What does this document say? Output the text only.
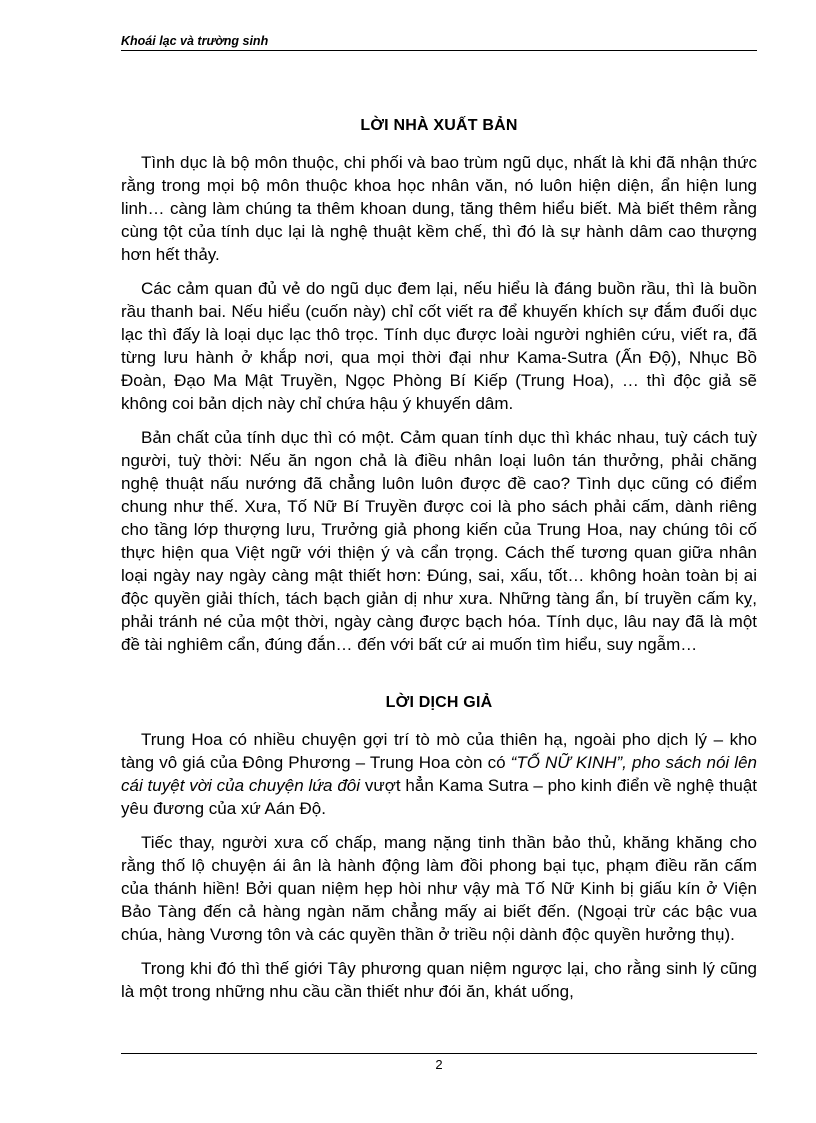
Khoái lạc và trường sinh
LỜI NHÀ XUẤT BẢN

Tình dục là bộ môn thuộc, chi phối và bao trùm ngũ dục, nhất là khi đã nhận thức rằng trong mọi bộ môn thuộc khoa học nhân văn, nó luôn hiện diện, ẩn hiện lung linh… càng làm chúng ta thêm khoan dung, tăng thêm hiểu biết. Mà biết thêm rằng cùng tột của tính dục lại là nghệ thuật kềm chế, thì đó là sự hành dâm cao thượng hơn hết thảy.

Các cảm quan đủ vẻ do ngũ dục đem lại, nếu hiểu là đáng buồn rầu, thì là buồn rầu thanh bai. Nếu hiểu (cuốn này) chỉ cốt viết ra để khuyến khích sự đắm đuối dục lạc thì đấy là loại dục lạc thô trọc. Tính dục được loài người nghiên cứu, viết ra, đã từng lưu hành ở khắp nơi, qua mọi thời đại như Kama-Sutra (Ấn Độ), Nhục Bồ Đoàn, Đạo Ma Mật Truyền, Ngọc Phòng Bí Kiếp (Trung Hoa), … thì độc giả sẽ không coi bản dịch này chỉ chứa hậu ý khuyến dâm.

Bản chất của tính dục thì có một. Cảm quan tính dục thì khác nhau, tuỳ cách tuỳ người, tuỳ thời: Nếu ăn ngon chả là điều nhân loại luôn tán thưởng, phải chăng nghệ thuật nấu nướng đã chẳng luôn luôn được đề cao? Tình dục cũng có điểm chung như thế. Xưa, Tố Nữ Bí Truyền được coi là pho sách phải cấm, dành riêng cho tầng lớp thượng lưu, Trưởng giả phong kiến của Trung Hoa, nay chúng tôi cố thực hiện qua Việt ngữ với thiện ý và cẩn trọng. Cách thế tương quan giữa nhân loại ngày nay ngày càng mật thiết hơn: Đúng, sai, xấu, tốt… không hoàn toàn bị ai độc quyền giải thích, tách bạch giản dị như xưa. Những tàng ẩn, bí truyền cấm kỵ, phải tránh né của một thời, ngày càng được bạch hóa. Tính dục, lâu nay đã là một đề tài nghiêm cẩn, đúng đắn… đến với bất cứ ai muốn tìm hiểu, suy ngẫm…

LỜI DỊCH GIẢ

Trung Hoa có nhiều chuyện gợi trí tò mò của thiên hạ, ngoài pho dịch lý – kho tàng vô giá của Đông Phương – Trung Hoa còn có “TỐ NỮ KINH”, pho sách nói lên cái tuyệt vời của chuyện lứa đôi vượt hẳn Kama Sutra – pho kinh điển về nghệ thuật yêu đương của xứ Aán Độ.

Tiếc thay, người xưa cố chấp, mang nặng tinh thần bảo thủ, khăng khăng cho rằng thố lộ chuyện ái ân là hành động làm đồi phong bại tục, phạm điều răn cấm của thánh hiền! Bởi quan niệm hẹp hòi như vậy mà Tố Nữ Kinh bị giấu kín ở Viện Bảo Tàng đến cả hàng ngàn năm chẳng mấy ai biết đến. (Ngoại trừ các bậc vua chúa, hàng Vương tôn và các quyền thần ở triều nội dành độc quyền hưởng thụ).

Trong khi đó thì thế giới Tây phương quan niệm ngược lại, cho rằng sinh lý cũng là một trong những nhu cầu cần thiết như đói ăn, khát uống,

2
